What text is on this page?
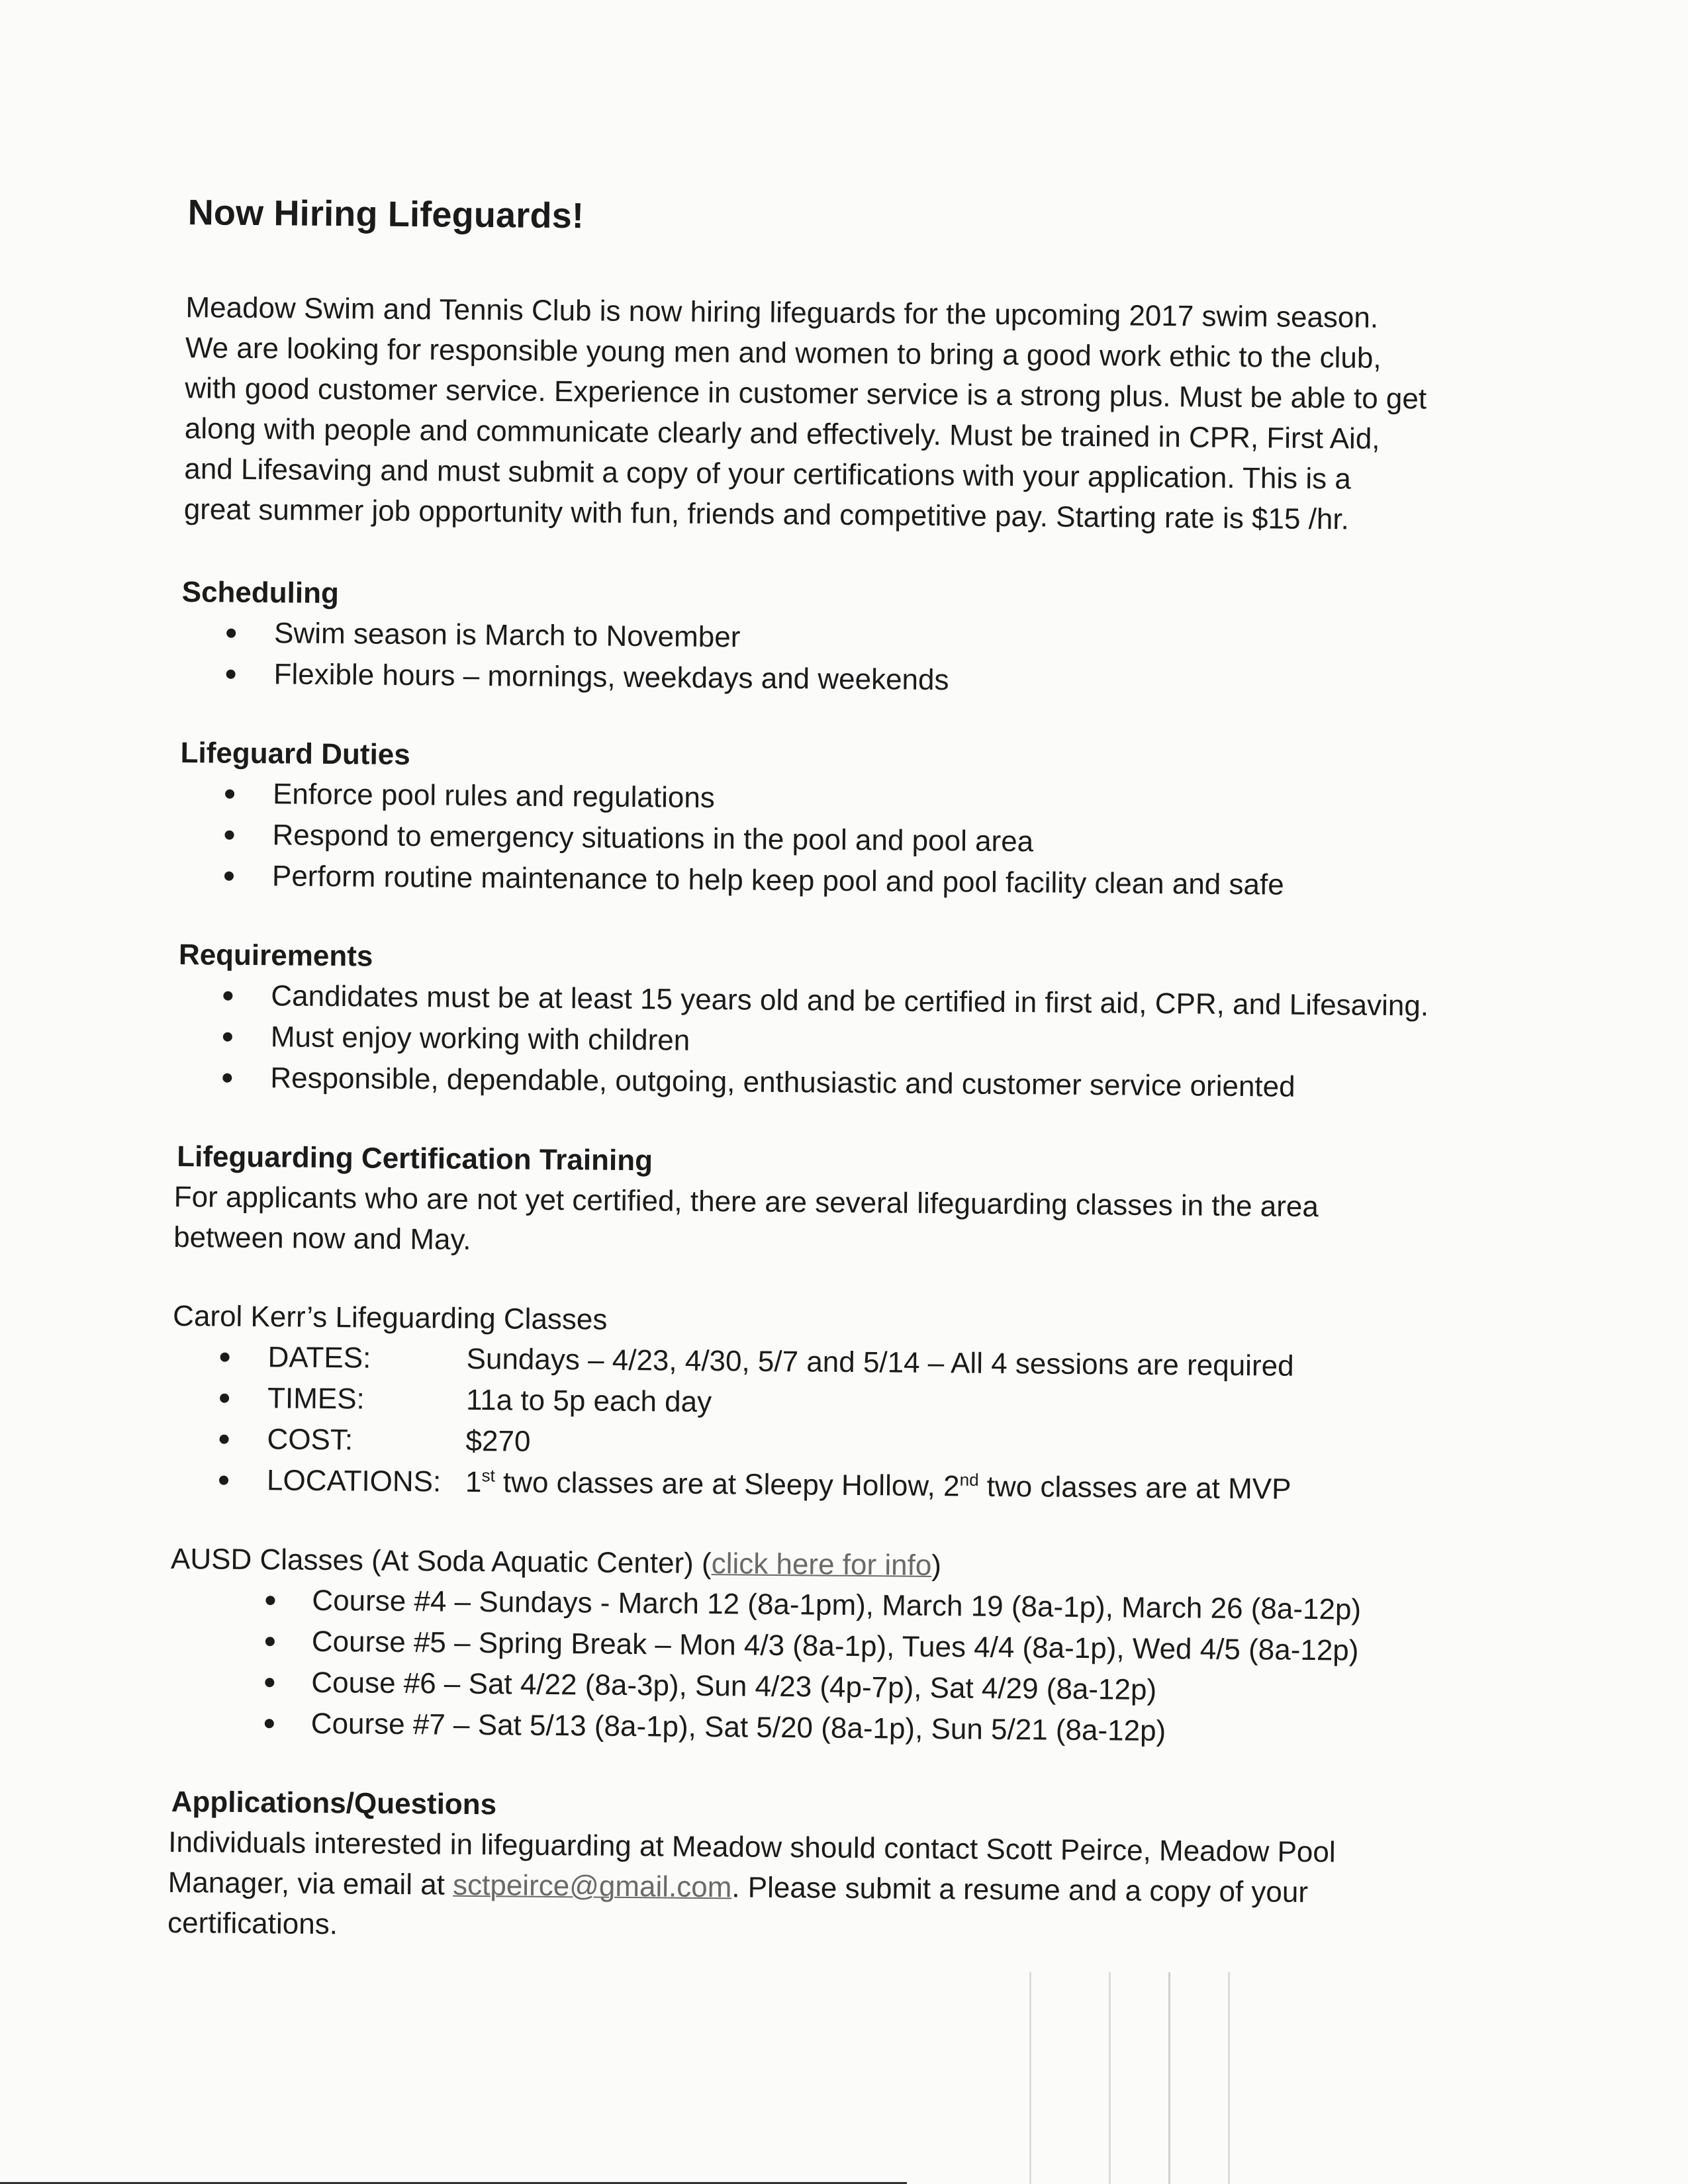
Now Hiring Lifeguards!
Meadow Swim and Tennis Club is now hiring lifeguards for the upcoming 2017 swim season.
We are looking for responsible young men and women to bring a good work ethic to the club,
with good customer service. Experience in customer service is a strong plus. Must be able to get
along with people and communicate clearly and effectively. Must be trained in CPR, First Aid,
and Lifesaving and must submit a copy of your certifications with your application. This is a
great summer job opportunity with fun, friends and competitive pay. Starting rate is $15 /hr.
Scheduling
Swim season is March to November
Flexible hours – mornings, weekdays and weekends
Lifeguard Duties
Enforce pool rules and regulations
Respond to emergency situations in the pool and pool area
Perform routine maintenance to help keep pool and pool facility clean and safe
Requirements
Candidates must be at least 15 years old and be certified in first aid, CPR, and Lifesaving.
Must enjoy working with children
Responsible, dependable, outgoing, enthusiastic and customer service oriented
Lifeguarding Certification Training
For applicants who are not yet certified, there are several lifeguarding classes in the area
between now and May.
Carol Kerr’s Lifeguarding Classes
DATES:	Sundays – 4/23, 4/30, 5/7 and 5/14 – All 4 sessions are required
TIMES:	11a to 5p each day
COST:	$270
LOCATIONS: 1st two classes are at Sleepy Hollow, 2nd two classes are at MVP
AUSD Classes (At Soda Aquatic Center) (click here for info)
Course #4 – Sundays - March 12 (8a-1pm), March 19 (8a-1p), March 26 (8a-12p)
Course #5 – Spring Break – Mon 4/3 (8a-1p), Tues 4/4 (8a-1p), Wed 4/5 (8a-12p)
Couse #6 – Sat 4/22 (8a-3p), Sun 4/23 (4p-7p), Sat 4/29 (8a-12p)
Course #7 – Sat 5/13 (8a-1p), Sat 5/20 (8a-1p), Sun 5/21 (8a-12p)
Applications/Questions
Individuals interested in lifeguarding at Meadow should contact Scott Peirce, Meadow Pool
Manager, via email at sctpeirce@gmail.com. Please submit a resume and a copy of your
certifications.
